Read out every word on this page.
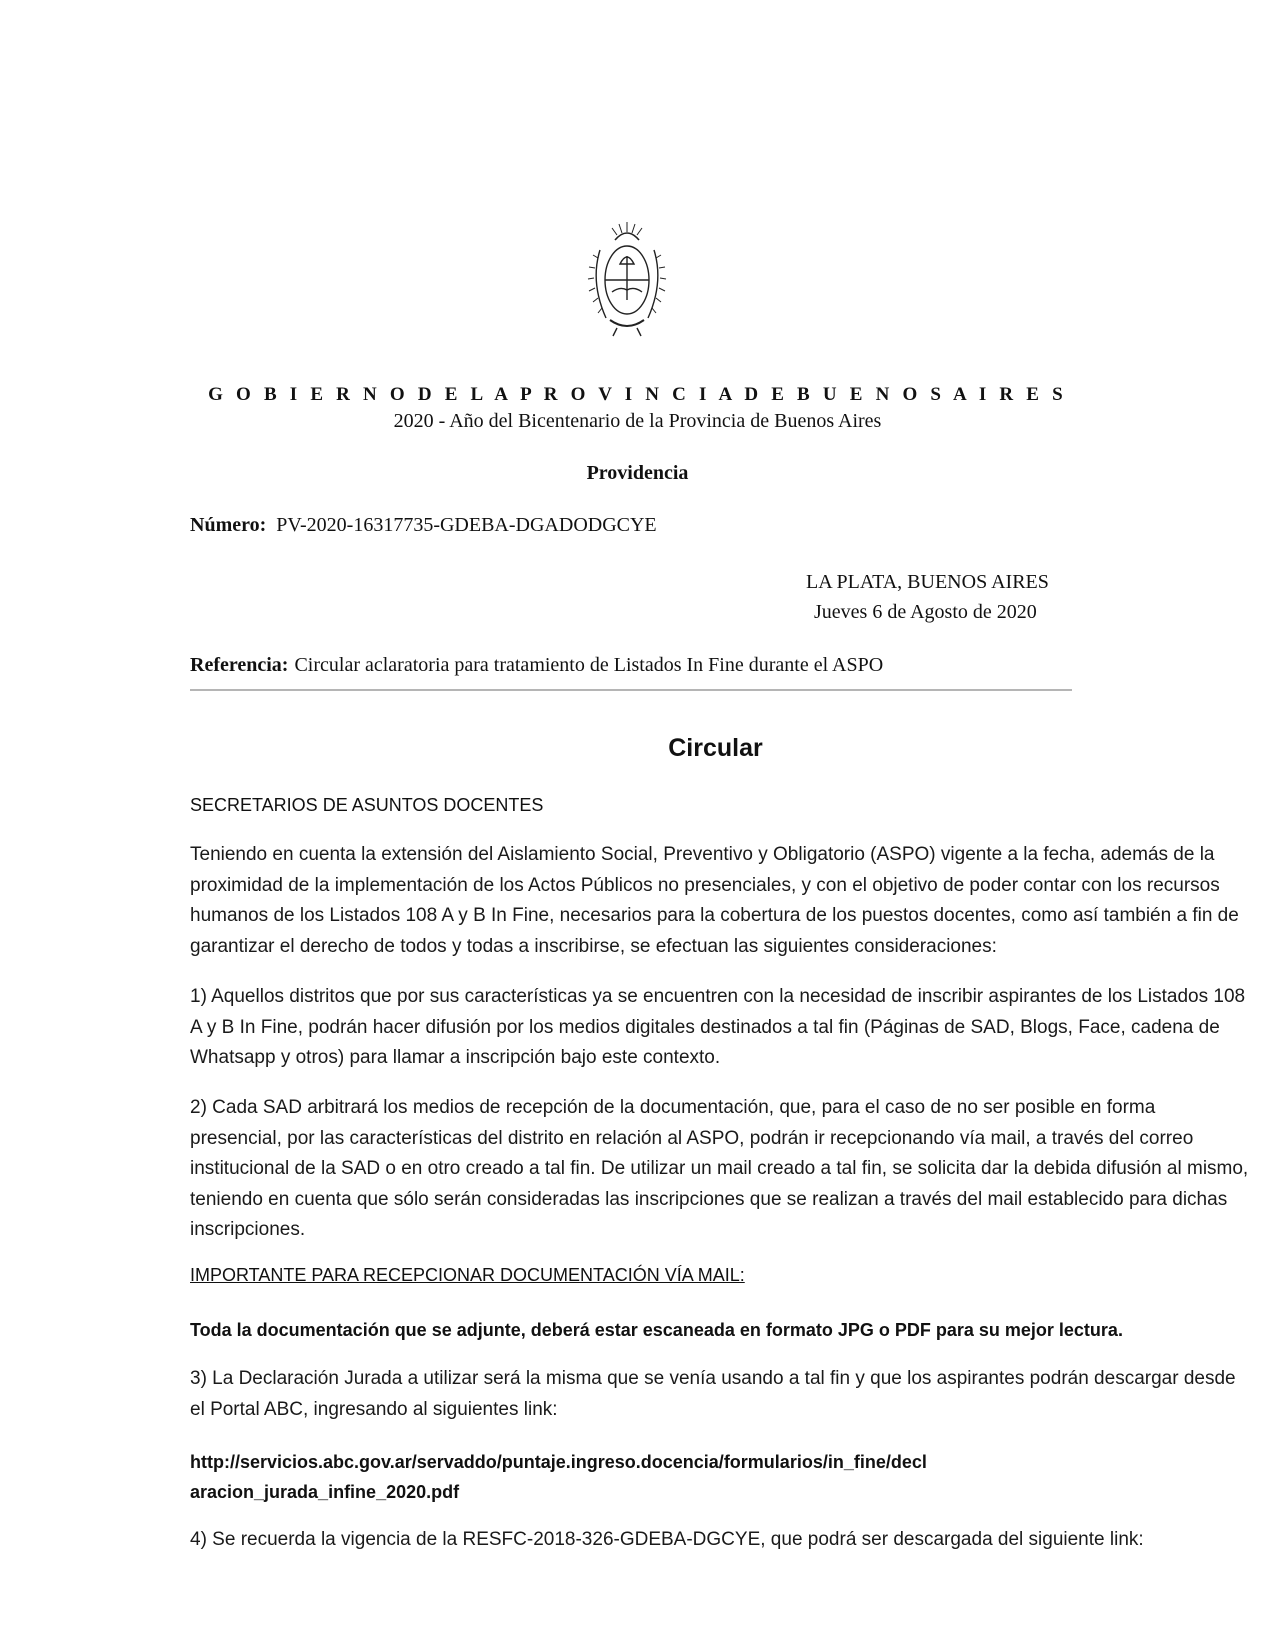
G O B I E R N O D E L A P R O V I N C I A D E B U E N O S A I R E S
2020 - Año del Bicentenario de la Provincia de Buenos Aires
Providencia
Número: PV-2020-16317735-GDEBA-DGADODGCYE
LA PLATA, BUENOS AIRES
Jueves 6 de Agosto de 2020
Referencia: Circular aclaratoria para tratamiento de Listados In Fine durante el ASPO
Circular
SECRETARIOS DE ASUNTOS DOCENTES
Teniendo en cuenta la extensión del Aislamiento Social, Preventivo y Obligatorio (ASPO) vigente a la fecha, además de la proximidad de la implementación de los Actos Públicos no presenciales, y con el objetivo de poder contar con los recursos humanos de los Listados 108 A y B In Fine, necesarios para la cobertura de los puestos docentes, como así también a fin de garantizar el derecho de todos y todas a inscribirse, se efectuan las siguientes consideraciones:
1) Aquellos distritos que por sus características ya se encuentren con la necesidad de inscribir aspirantes de los Listados 108 A y B In Fine, podrán hacer difusión por los medios digitales destinados a tal fin (Páginas de SAD, Blogs, Face, cadena de Whatsapp y otros) para llamar a inscripción bajo este contexto.
2) Cada SAD arbitrará los medios de recepción de la documentación, que, para el caso de no ser posible en forma presencial, por las características del distrito en relación al ASPO, podrán ir recepcionando vía mail, a través del correo institucional de la SAD o en otro creado a tal fin. De utilizar un mail creado a tal fin, se solicita dar la debida difusión al mismo, teniendo en cuenta que sólo serán consideradas las inscripciones que se realizan a través del mail establecido para dichas inscripciones.
IMPORTANTE PARA RECEPCIONAR DOCUMENTACIÓN VÍA MAIL:
Toda la documentación que se adjunte, deberá estar escaneada en formato JPG o PDF para su mejor lectura.
3) La Declaración Jurada a utilizar será la misma que se venía usando a tal fin y que los aspirantes podrán descargar desde el Portal ABC, ingresando al siguientes link:
http://servicios.abc.gov.ar/servaddo/puntaje.ingreso.docencia/formularios/in_fine/decl
aracion_jurada_infine_2020.pdf
4) Se recuerda la vigencia de la RESFC-2018-326-GDEBA-DGCYE, que podrá ser descargada del siguiente link:
